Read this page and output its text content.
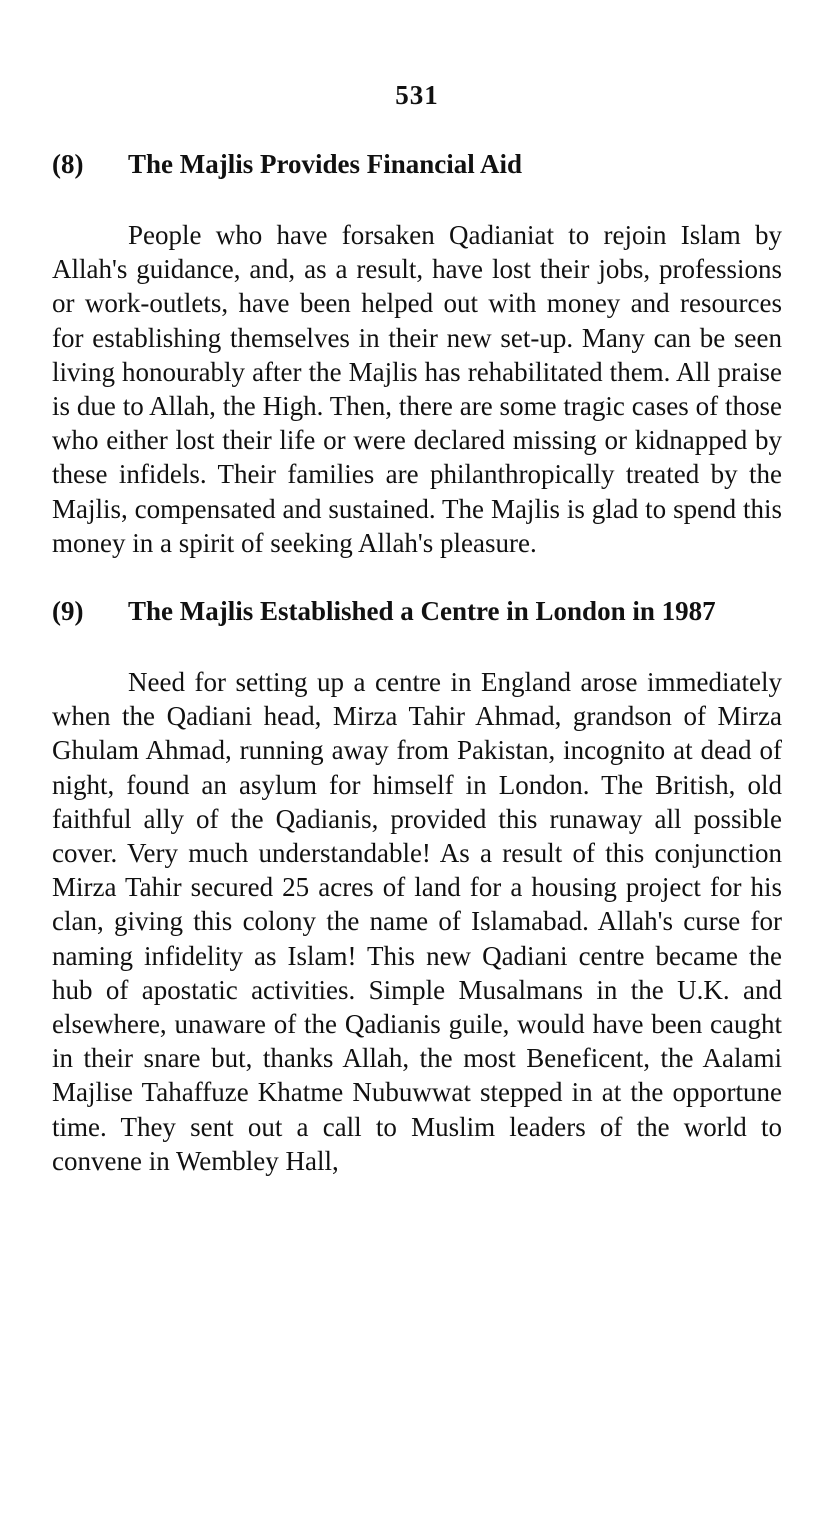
531
(8)	The Majlis Provides Financial Aid

People who have forsaken Qadianiat to rejoin Islam by Allah's guidance, and, as a result, have lost their jobs, professions or work-outlets, have been helped out with money and resources for establishing themselves in their new set-up. Many can be seen living honourably after the Majlis has rehabilitated them. All praise is due to Allah, the High. Then, there are some tragic cases of those who either lost their life or were declared missing or kidnapped by these infidels. Their families are philanthropically treated by the Majlis, compensated and sustained. The Majlis is glad to spend this money in a spirit of seeking Allah's pleasure.

(9)	The Majlis Established a Centre in London in 1987

Need for setting up a centre in England arose immediately when the Qadiani head, Mirza Tahir Ahmad, grandson of Mirza Ghulam Ahmad, running away from Pakistan, incognito at dead of night, found an asylum for himself in London. The British, old faithful ally of the Qadianis, provided this runaway all possible cover. Very much understandable! As a result of this conjunction Mirza Tahir secured 25 acres of land for a housing project for his clan, giving this colony the name of Islamabad. Allah's curse for naming infidelity as Islam! This new Qadiani centre became the hub of apostatic activities. Simple Musalmans in the U.K. and elsewhere, unaware of the Qadianis guile, would have been caught in their snare but, thanks Allah, the most Beneficent, the Aalami Majlise Tahaffuze Khatme Nubuwwat stepped in at the opportune time. They sent out a call to Muslim leaders of the world to convene in Wembley Hall,
